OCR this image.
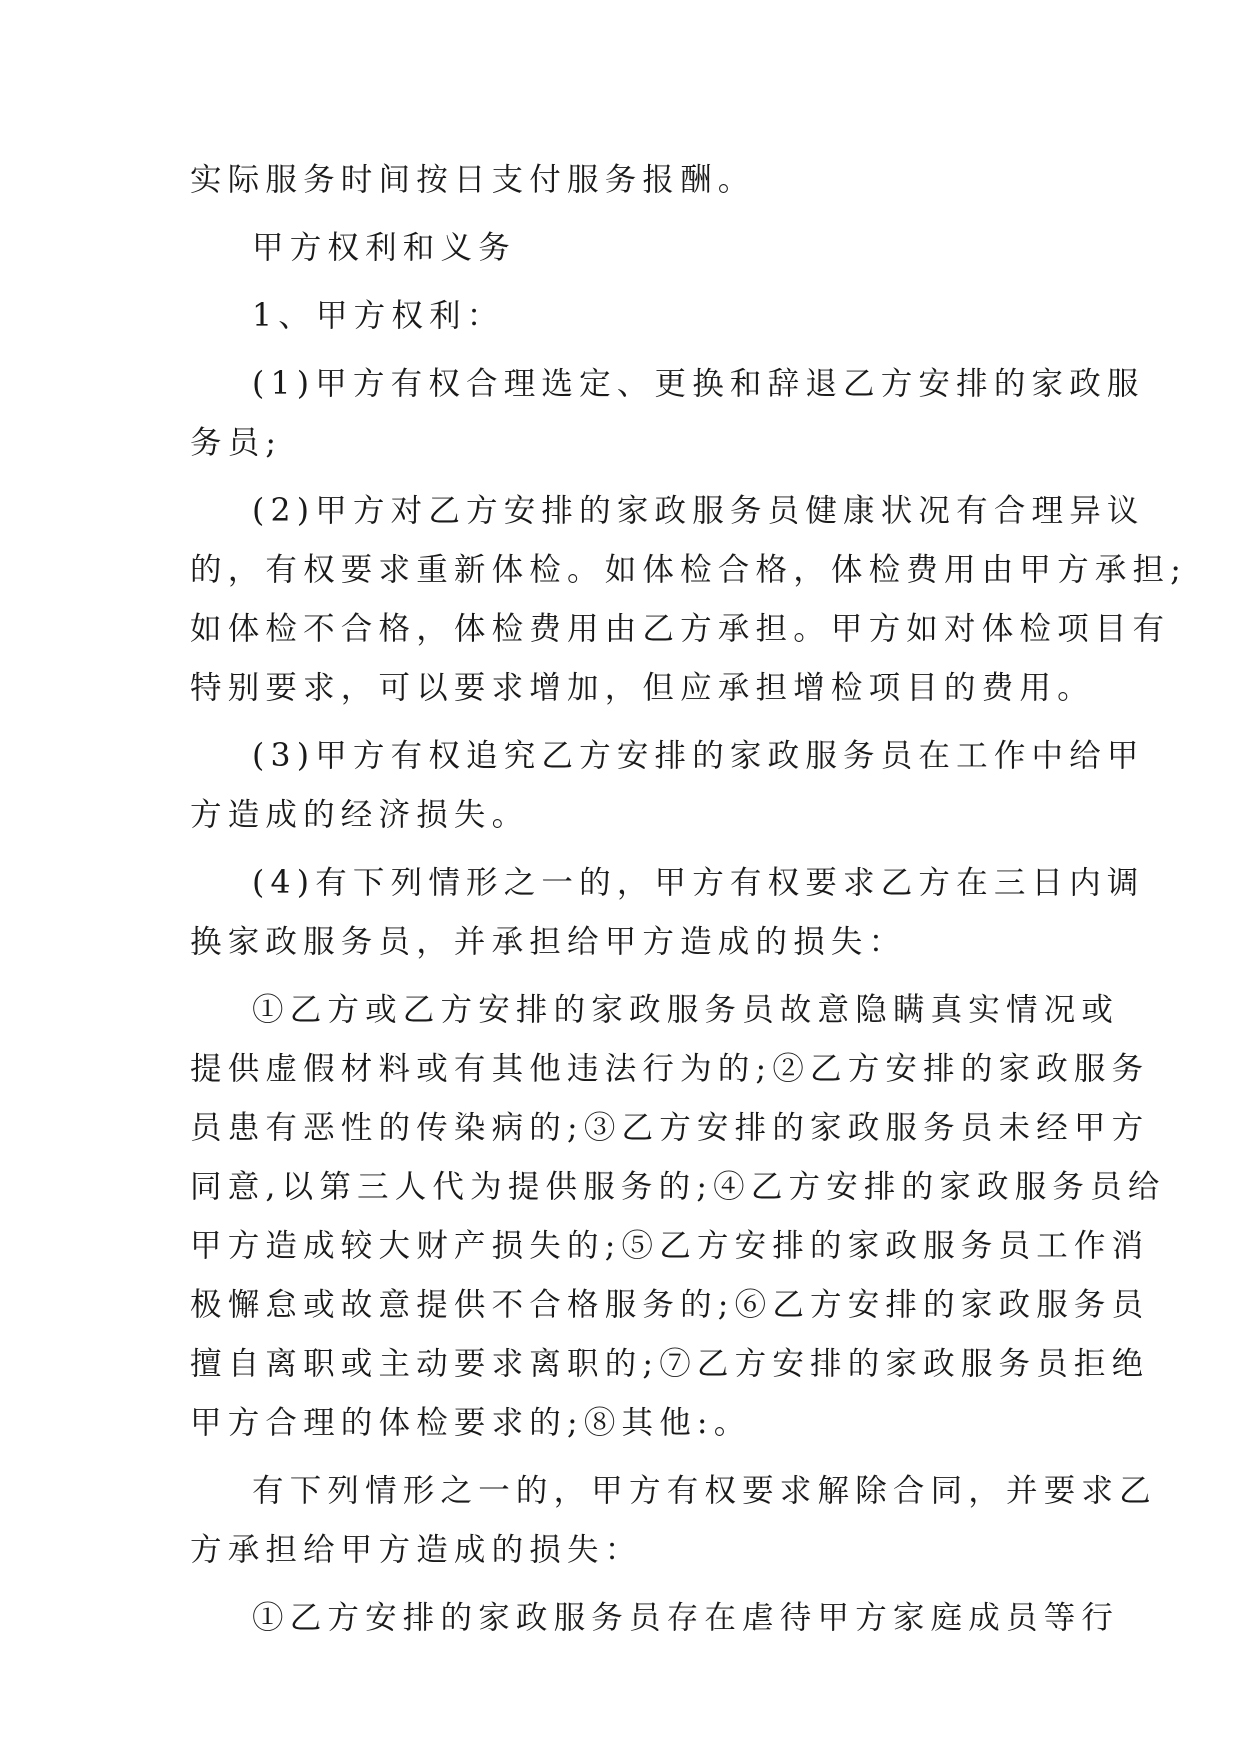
实际服务时间按日支付服务报酬。
甲方权利和义务
1、甲方权利：
(1)甲方有权合理选定、更换和辞退乙方安排的家政服
务员;
(2)甲方对乙方安排的家政服务员健康状况有合理异议
的，有权要求重新体检。如体检合格，体检费用由甲方承担;
如体检不合格，体检费用由乙方承担。甲方如对体检项目有
特别要求，可以要求增加，但应承担增检项目的费用。
(3)甲方有权追究乙方安排的家政服务员在工作中给甲
方造成的经济损失。
(4)有下列情形之一的，甲方有权要求乙方在三日内调
换家政服务员，并承担给甲方造成的损失：
①乙方或乙方安排的家政服务员故意隐瞒真实情况或
提供虚假材料或有其他违法行为的;②乙方安排的家政服务
员患有恶性的传染病的;③乙方安排的家政服务员未经甲方
同意,以第三人代为提供服务的;④乙方安排的家政服务员给
甲方造成较大财产损失的;⑤乙方安排的家政服务员工作消
极懈怠或故意提供不合格服务的;⑥乙方安排的家政服务员
擅自离职或主动要求离职的;⑦乙方安排的家政服务员拒绝
甲方合理的体检要求的;⑧其他:。
有下列情形之一的，甲方有权要求解除合同，并要求乙
方承担给甲方造成的损失：
①乙方安排的家政服务员存在虐待甲方家庭成员等行
